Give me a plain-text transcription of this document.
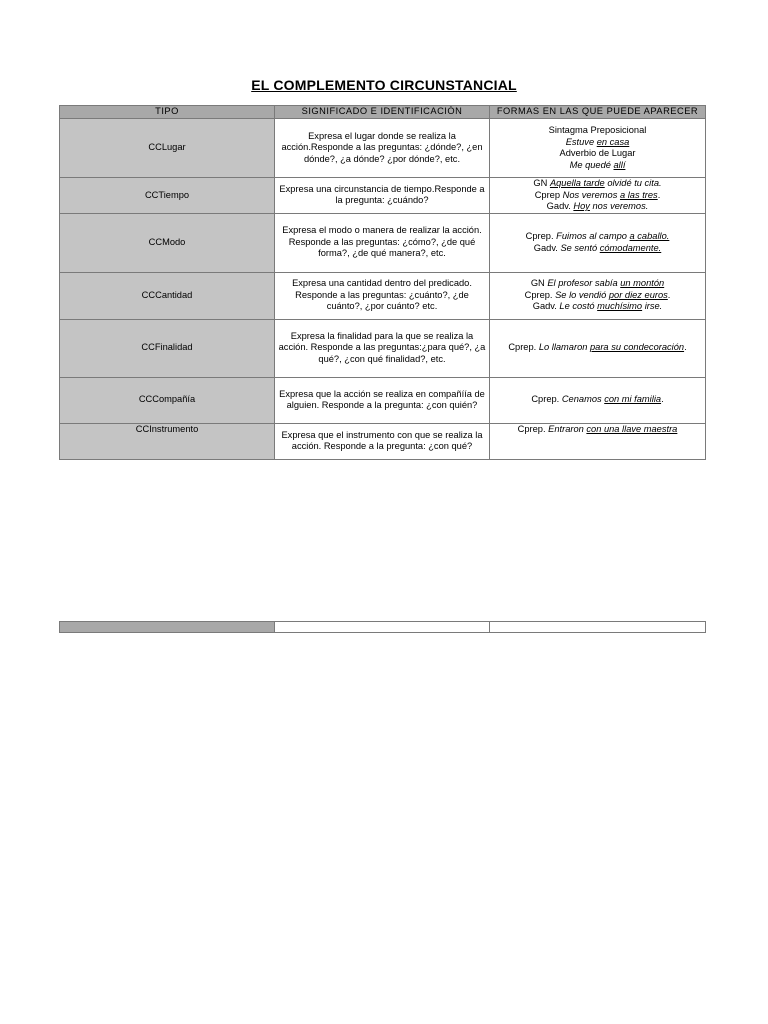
EL COMPLEMENTO CIRCUNSTANCIAL
TIPO	SIGNIFICADO E IDENTIFICACIÓN	FORMAS EN LAS QUE PUEDE APARECER
CCLugar	Expresa el lugar donde se realiza la acción.Responde a las preguntas: ¿dónde?, ¿en dónde?, ¿a dónde? ¿por dónde?, etc.	Sintagma Preposicional
Estuve en casa
Adverbio de Lugar
Me quedé allí

CCTiempo	Expresa una circunstancia de tiempo.Responde a la pregunta: ¿cuándo?	GN Aquella tarde olvidé tu cita.
Cprep Nos veremos a las tres.
Gadv. Hoy nos veremos.

CCModo	Expresa el modo o manera de realizar la acción. Responde a las preguntas: ¿cómo?, ¿de qué forma?, ¿de qué manera?, etc.	Cprep. Fuimos al campo a caballo.
Gadv. Se sentó cómodamente.

CCCantidad	Expresa una cantidad dentro del predicado. Responde a las preguntas: ¿cuánto?, ¿de cuánto?, ¿por cuánto? etc.	GN El profesor sabía un montón
Cprep. Se lo vendió por diez euros.
Gadv. Le costó muchísimo irse.

CCFinalidad	Expresa la finalidad para la que se realiza la acción. Responde a las preguntas:¿para qué?, ¿a qué?, ¿con qué finalidad?, etc.	Cprep. Lo llamaron para su condecoración.

CCCompañía	Expresa que la acción se realiza en compañíía de alguien. Responde a la pregunta: ¿con quién?	Cprep. Cenamos con mi familia.

CCInstrumento	Expresa que el instrumento con que se realiza la acción. Responde a la pregunta: ¿con qué?	Cprep. Entraron con una llave maestra
